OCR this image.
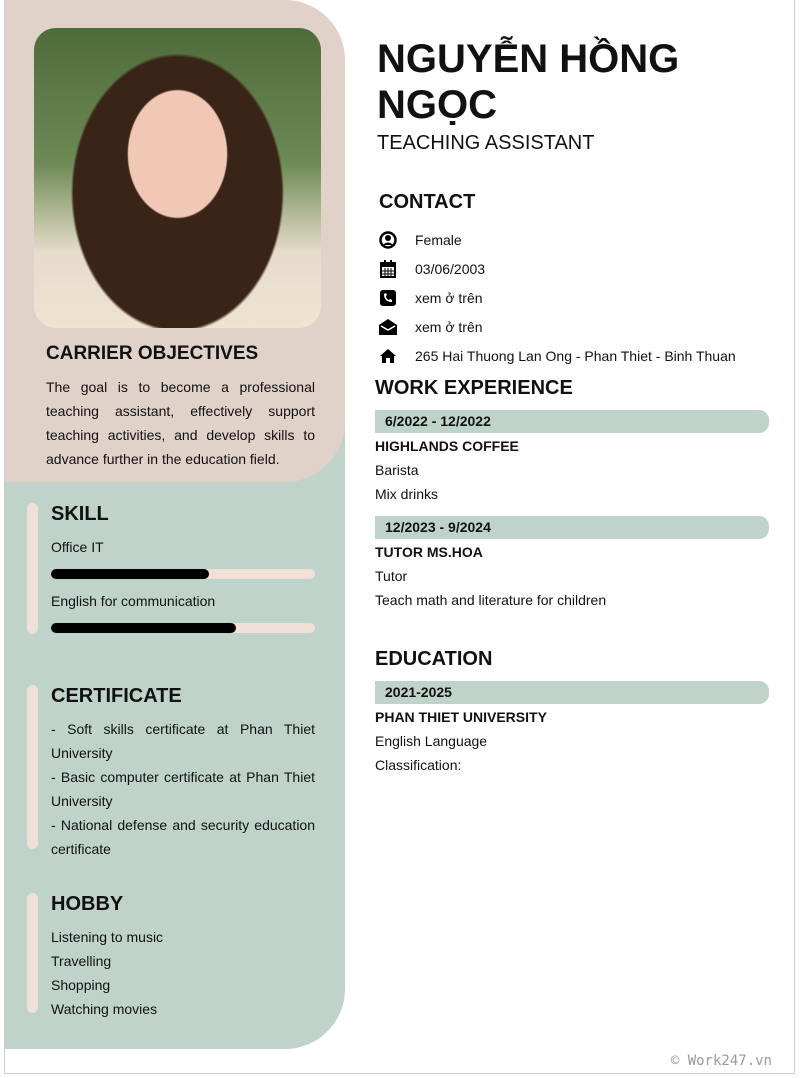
CARRIER OBJECTIVES
The goal is to become a professional teaching assistant, effectively support teaching activities, and develop skills to advance further in the education field.
SKILL
Office IT
English for communication
CERTIFICATE
- Soft skills certificate at Phan Thiet University
- Basic computer certificate at Phan Thiet University
- National defense and security education certificate
HOBBY
Listening to music
Travelling
Shopping
Watching movies
NGUYỄN HỒNG
NGỌC
TEACHING ASSISTANT
CONTACT
Female
03/06/2003
xem ở trên
xem ở trên
265 Hai Thuong Lan Ong - Phan Thiet - Binh Thuan
WORK EXPERIENCE
6/2022 - 12/2022
HIGHLANDS COFFEE
Barista
Mix drinks
12/2023 - 9/2024
TUTOR MS.HOA
Tutor
Teach math and literature for children
EDUCATION
2021-2025
PHAN THIET UNIVERSITY
English Language
Classification:
© Work247.vn
